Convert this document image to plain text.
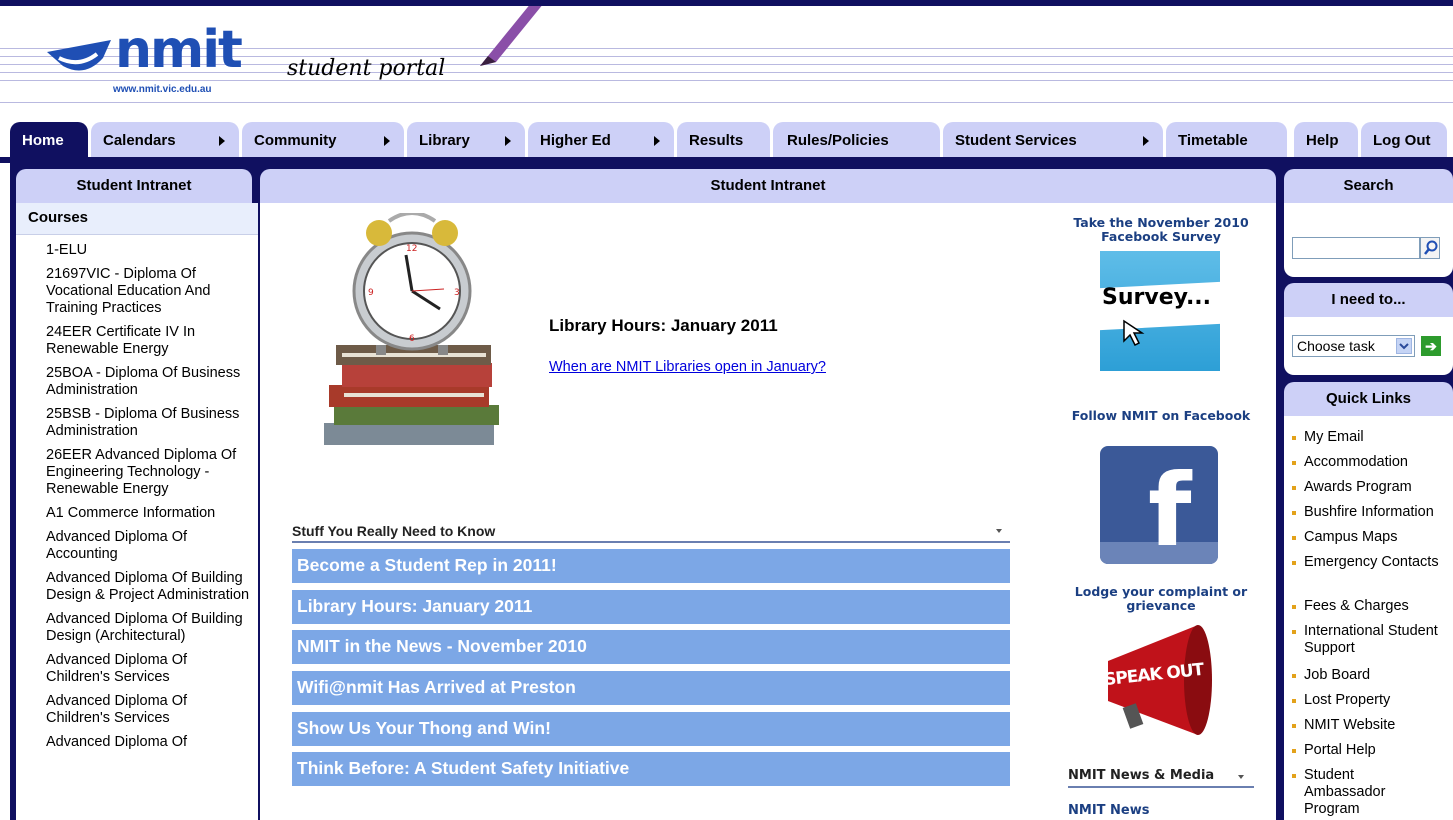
nmit
www.nmit.vic.edu.au
student portal
Home	Calendars	Community	Library	Higher Ed	Results	Rules/Policies	Student Services	Timetable	Help	Log Out
Student Intranet
Courses
1-ELU
21697VIC - Diploma Of Vocational Education And Training Practices
24EER Certificate IV In Renewable Energy
25BOA - Diploma Of Business Administration
25BSB - Diploma Of Business Administration
26EER Advanced Diploma Of Engineering Technology - Renewable Energy
A1 Commerce Information
Advanced Diploma Of Accounting
Advanced Diploma Of Building Design & Project Administration
Advanced Diploma Of Building Design (Architectural)
Advanced Diploma Of Children's Services
Advanced Diploma Of Children's Services
Advanced Diploma Of
Student Intranet
12
3
6
9
Library Hours: January 2011
When are NMIT Libraries open in January?
Stuff You Really Need to Know
Become a Student Rep in 2011!
Library Hours: January 2011
NMIT in the News - November 2010
Wifi@nmit Has Arrived at Preston
Show Us Your Thong and Win!
Think Before: A Student Safety Initiative
Take the November 2010 Facebook Survey
Survey...
Follow NMIT on Facebook
f
Lodge your complaint or grievance
SPEAK OUT
NMIT News & Media
NMIT News
Search
I need to...
Choose task	➔
Quick Links
My Email
Accommodation
Awards Program
Bushfire Information
Campus Maps
Emergency Contacts
Fees & Charges
International Student Support
Job Board
Lost Property
NMIT Website
Portal Help
Student Ambassador Program
